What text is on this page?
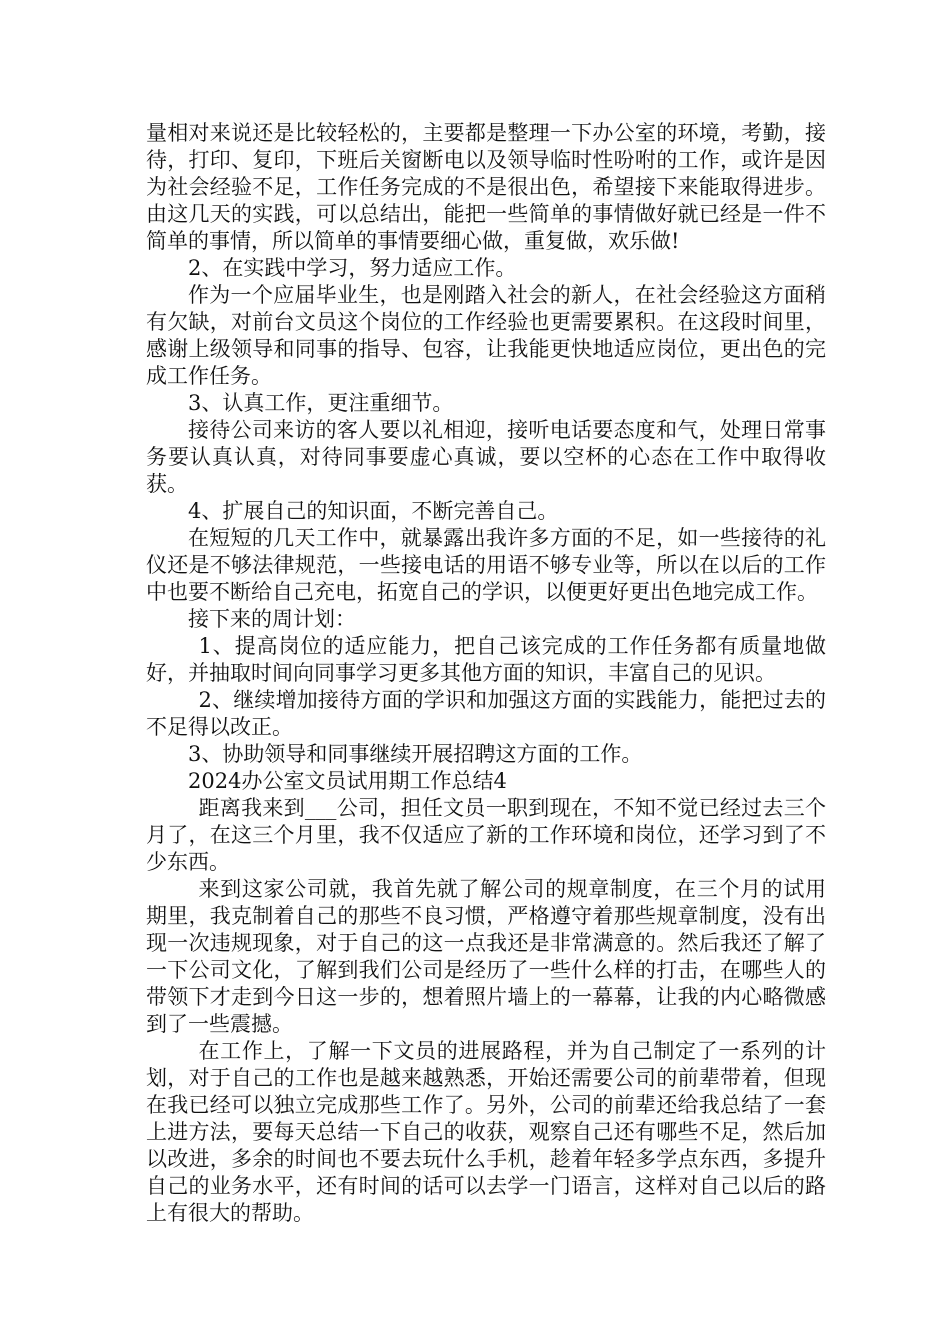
量相对来说还是比较轻松的，主要都是整理一下办公室的环境，考勤，接待，打印、复印，下班后关窗断电以及领导临时性吩咐的工作，或许是因为社会经验不足，工作任务完成的不是很出色，希望接下来能取得进步。由这几天的实践，可以总结出，能把一些简单的事情做好就已经是一件不简单的事情，所以简单的事情要细心做，重复做，欢乐做!

2、在实践中学习，努力适应工作。

作为一个应届毕业生，也是刚踏入社会的新人，在社会经验这方面稍有欠缺，对前台文员这个岗位的工作经验也更需要累积。在这段时间里，感谢上级领导和同事的指导、包容，让我能更快地适应岗位，更出色的完成工作任务。

3、认真工作，更注重细节。

接待公司来访的客人要以礼相迎，接听电话要态度和气，处理日常事务要认真认真，对待同事要虚心真诚，要以空杯的心态在工作中取得收获。

4、扩展自己的知识面，不断完善自己。

在短短的几天工作中，就暴露出我许多方面的不足，如一些接待的礼仪还是不够法律规范，一些接电话的用语不够专业等，所以在以后的工作中也要不断给自己充电，拓宽自己的学识，以便更好更出色地完成工作。

接下来的周计划：

1、提高岗位的适应能力，把自己该完成的工作任务都有质量地做好，并抽取时间向同事学习更多其他方面的知识，丰富自己的见识。

2、继续增加接待方面的学识和加强这方面的实践能力，能把过去的不足得以改正。

3、协助领导和同事继续开展招聘这方面的工作。

2024办公室文员试用期工作总结4

距离我来到___公司，担任文员一职到现在，不知不觉已经过去三个月了，在这三个月里，我不仅适应了新的工作环境和岗位，还学习到了不少东西。

来到这家公司就，我首先就了解公司的规章制度，在三个月的试用期里，我克制着自己的那些不良习惯，严格遵守着那些规章制度，没有出现一次违规现象，对于自己的这一点我还是非常满意的。然后我还了解了一下公司文化，了解到我们公司是经历了一些什么样的打击，在哪些人的带领下才走到今日这一步的，想着照片墙上的一幕幕，让我的内心略微感到了一些震撼。

在工作上，了解一下文员的进展路程，并为自己制定了一系列的计划，对于自己的工作也是越来越熟悉，开始还需要公司的前辈带着，但现在我已经可以独立完成那些工作了。另外，公司的前辈还给我总结了一套上进方法，要每天总结一下自己的收获，观察自己还有哪些不足，然后加以改进，多余的时间也不要去玩什么手机，趁着年轻多学点东西，多提升自己的业务水平，还有时间的话可以去学一门语言，这样对自己以后的路上有很大的帮助。
